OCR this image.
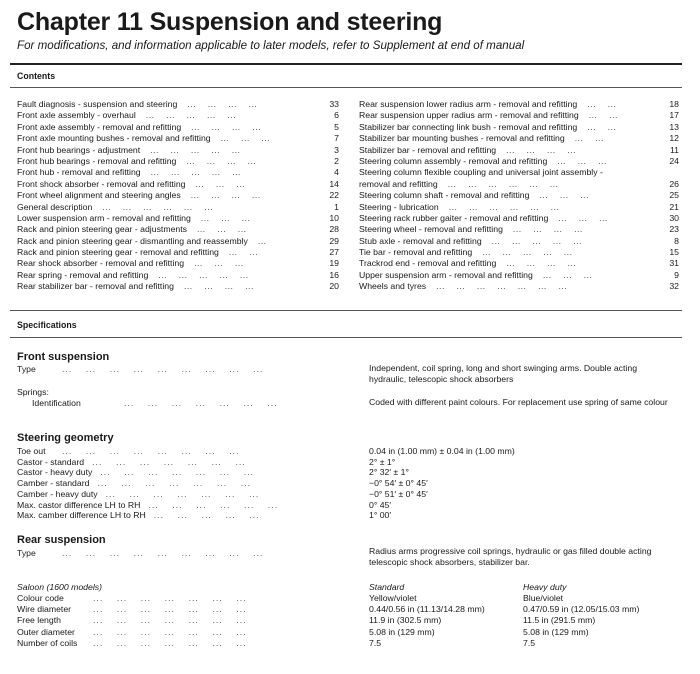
Chapter 11 Suspension and steering
For modifications, and information applicable to later models, refer to Supplement at end of manual
Contents
Fault diagnosis - suspension and steering	33
...    ...    ...    ...
Front axle assembly - overhaul	6
...    ...    ...    ...    ...
Front axle assembly - removal and refitting	5
...    ...    ...    ...
Front axle mounting bushes - removal and refitting	7
...    ...    ...
Front hub bearings - adjustment	3
...    ...    ...    ...    ...
Front hub bearings - removal and refitting	2
...    ...    ...    ...
Front hub - removal and refitting	4
...    ...    ...    ...    ...
Front shock absorber - removal and refitting	14
...    ...    ...
Front wheel alignment and steering angles	22
...    ...    ...    ...
General description	1
...    ...    ...    ...    ...    ...
Lower suspension arm - removal and refitting	10
...    ...    ...
Rack and pinion steering gear - adjustments	28
...    ...    ...
Rack and pinion steering gear - dismantling and reassembly	29
...
Rack and pinion steering gear - removal and refitting	27
...    ...
Rear shock absorber - removal and refitting	19
...    ...    ...
Rear spring - removal and refitting	16
...    ...    ...    ...    ...
Rear stabilizer bar - removal and refitting	20
...    ...    ...    ...
Rear suspension lower radius arm - removal and refitting	18
...    ...
Rear suspension upper radius arm - removal and refitting	17
...    ...
Stabilizer bar connecting link bush - removal and refitting	13
...    ...
Stabilizer bar mounting bushes - removal and refitting	12
...    ...
Stabilizer bar - removal and refitting	11
...    ...    ...    ...
Steering column assembly - removal and refitting	24
...    ...    ...
Steering column flexible coupling and universal joint assembly -
removal and refitting	26
...    ...    ...    ...    ...    ...
Steering column shaft - removal and refitting	25
...    ...    ...
Steering - lubrication	21
...    ...    ...    ...    ...    ...
Steering rack rubber gaiter - removal and refitting	30
...    ...    ...
Steering wheel - removal and refitting	23
...    ...    ...    ...
Stub axle - removal and refitting	8
...    ...    ...    ...    ...
Tie bar - removal and refitting	15
...    ...    ...    ...    ...
Trackrod end - removal and refitting	31
...    ...    ...    ...
Upper suspension arm - removal and refitting	9
...    ...    ...
Wheels and tyres	32
...    ...    ...    ...    ...    ...    ...
Specifications
Front suspension
Type	...    ...    ...    ...    ...    ...    ...    ...    ...	Independent, coil spring, long and short swinging arms. Double acting hydraulic, telescopic shock absorbers
Springs:
Identification	...    ...    ...    ...    ...    ...    ...	Coded with different paint colours. For replacement use spring of same colour
Steering geometry
Toe out ...    ...    ...    ...    ...    ...    ...    ...	0.04 in (1.00 mm) ± 0.04 in (1.00 mm)
Castor - standard ...    ...    ...    ...    ...    ...    ...	2° ± 1°
Castor - heavy duty ...    ...    ...    ...    ...    ...    ...	2° 32′ ± 1°
Camber - standard ...    ...    ...    ...    ...    ...    ...	−0° 54′ ± 0° 45′
Camber - heavy duty ...    ...    ...    ...    ...    ...    ...	−0° 51′ ± 0° 45′
Max. castor difference LH to RH ...    ...    ...    ...    ...    ...	0° 45′
Max. camber difference LH to RH ...    ...    ...    ...    ...	1° 00′
Rear suspension
Type	...    ...    ...    ...    ...    ...    ...    ...    ...	Radius arms progressive coil springs, hydraulic or gas filled double acting telescopic shock absorbers, stabilizer bar.
Saloon (1600 models)	Standard	Heavy duty
Colour code	...    ...    ...    ...    ...    ...    ...	Yellow/violet	Blue/violet
Wire diameter	...    ...    ...    ...    ...    ...    ...	0.44/0.56 in (11.13/14.28 mm)	0.47/0.59 in (12.05/15.03 mm)
Free length	...    ...    ...    ...    ...    ...    ...	11.9 in (302.5 mm)	11.5 in (291.5 mm)
Outer diameter ...    ...    ...    ...    ...    ...    ...	5.08 in (129 mm)	5.08 in (129 mm)
Number of coils ...    ...    ...    ...    ...    ...    ...	7.5	7.5
